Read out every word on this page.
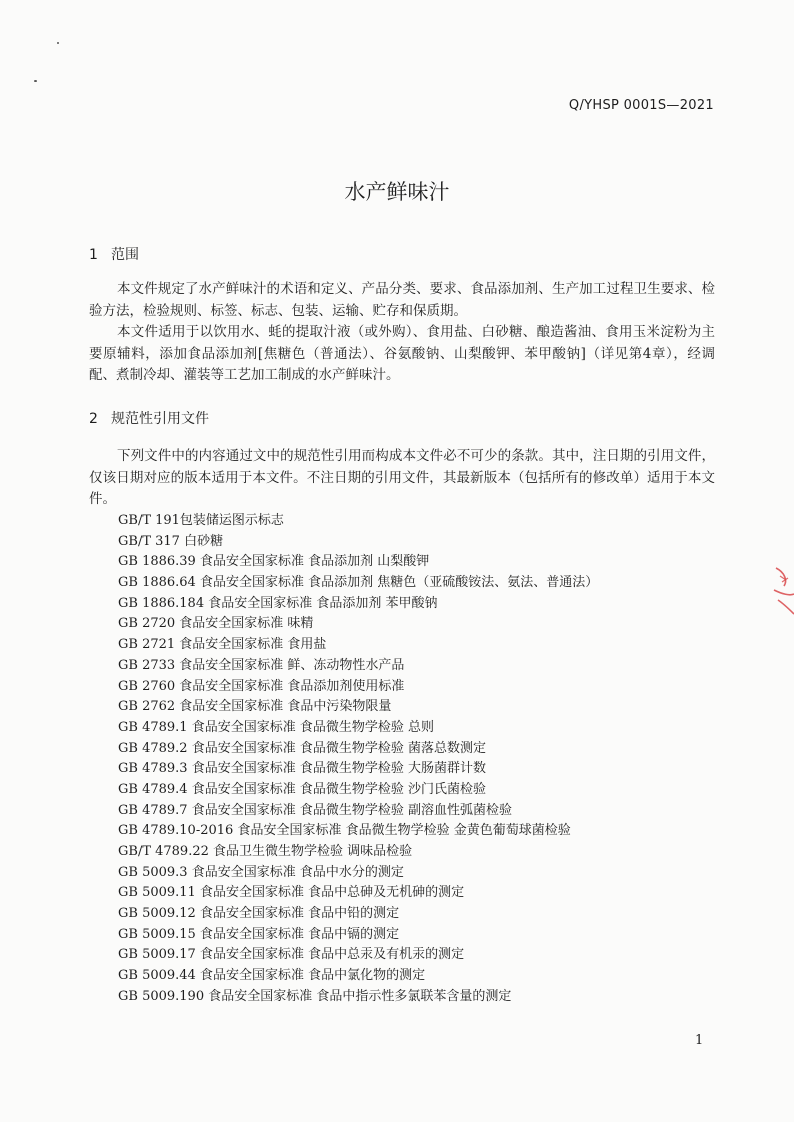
Q/YHSP 0001S—2021
水产鲜味汁
1 范围
本文件规定了水产鲜味汁的术语和定义、产品分类、要求、食品添加剂、生产加工过程卫生要求、检验方法，检验规则、标签、标志、包装、运输、贮存和保质期。
本文件适用于以饮用水、蚝的提取汁液（或外购）、食用盐、白砂糖、酿造酱油、食用玉米淀粉为主要原辅料，添加食品添加剂[焦糖色（普通法）、谷氨酸钠、山梨酸钾、苯甲酸钠]（详见第4章），经调配、煮制冷却、灌装等工艺加工制成的水产鲜味汁。
2 规范性引用文件
下列文件中的内容通过文中的规范性引用而构成本文件必不可少的条款。其中，注日期的引用文件，仅该日期对应的版本适用于本文件。不注日期的引用文件，其最新版本（包括所有的修改单）适用于本文件。
GB/T 191包装储运图示标志
GB/T 317 白砂糖
GB 1886.39 食品安全国家标准 食品添加剂 山梨酸钾
GB 1886.64 食品安全国家标准 食品添加剂 焦糖色（亚硫酸铵法、氨法、普通法）
GB 1886.184 食品安全国家标准 食品添加剂 苯甲酸钠
GB 2720 食品安全国家标准 味精
GB 2721 食品安全国家标准 食用盐
GB 2733 食品安全国家标准 鲜、冻动物性水产品
GB 2760 食品安全国家标准 食品添加剂使用标准
GB 2762 食品安全国家标准 食品中污染物限量
GB 4789.1 食品安全国家标准 食品微生物学检验 总则
GB 4789.2 食品安全国家标准 食品微生物学检验 菌落总数测定
GB 4789.3 食品安全国家标准 食品微生物学检验 大肠菌群计数
GB 4789.4 食品安全国家标准 食品微生物学检验 沙门氏菌检验
GB 4789.7 食品安全国家标准 食品微生物学检验 副溶血性弧菌检验
GB 4789.10-2016 食品安全国家标准 食品微生物学检验 金黄色葡萄球菌检验
GB/T 4789.22 食品卫生微生物学检验 调味品检验
GB 5009.3 食品安全国家标准 食品中水分的测定
GB 5009.11 食品安全国家标准 食品中总砷及无机砷的测定
GB 5009.12 食品安全国家标准 食品中铅的测定
GB 5009.15 食品安全国家标准 食品中镉的测定
GB 5009.17 食品安全国家标准 食品中总汞及有机汞的测定
GB 5009.44 食品安全国家标准 食品中氯化物的测定
GB 5009.190 食品安全国家标准 食品中指示性多氯联苯含量的测定
1
